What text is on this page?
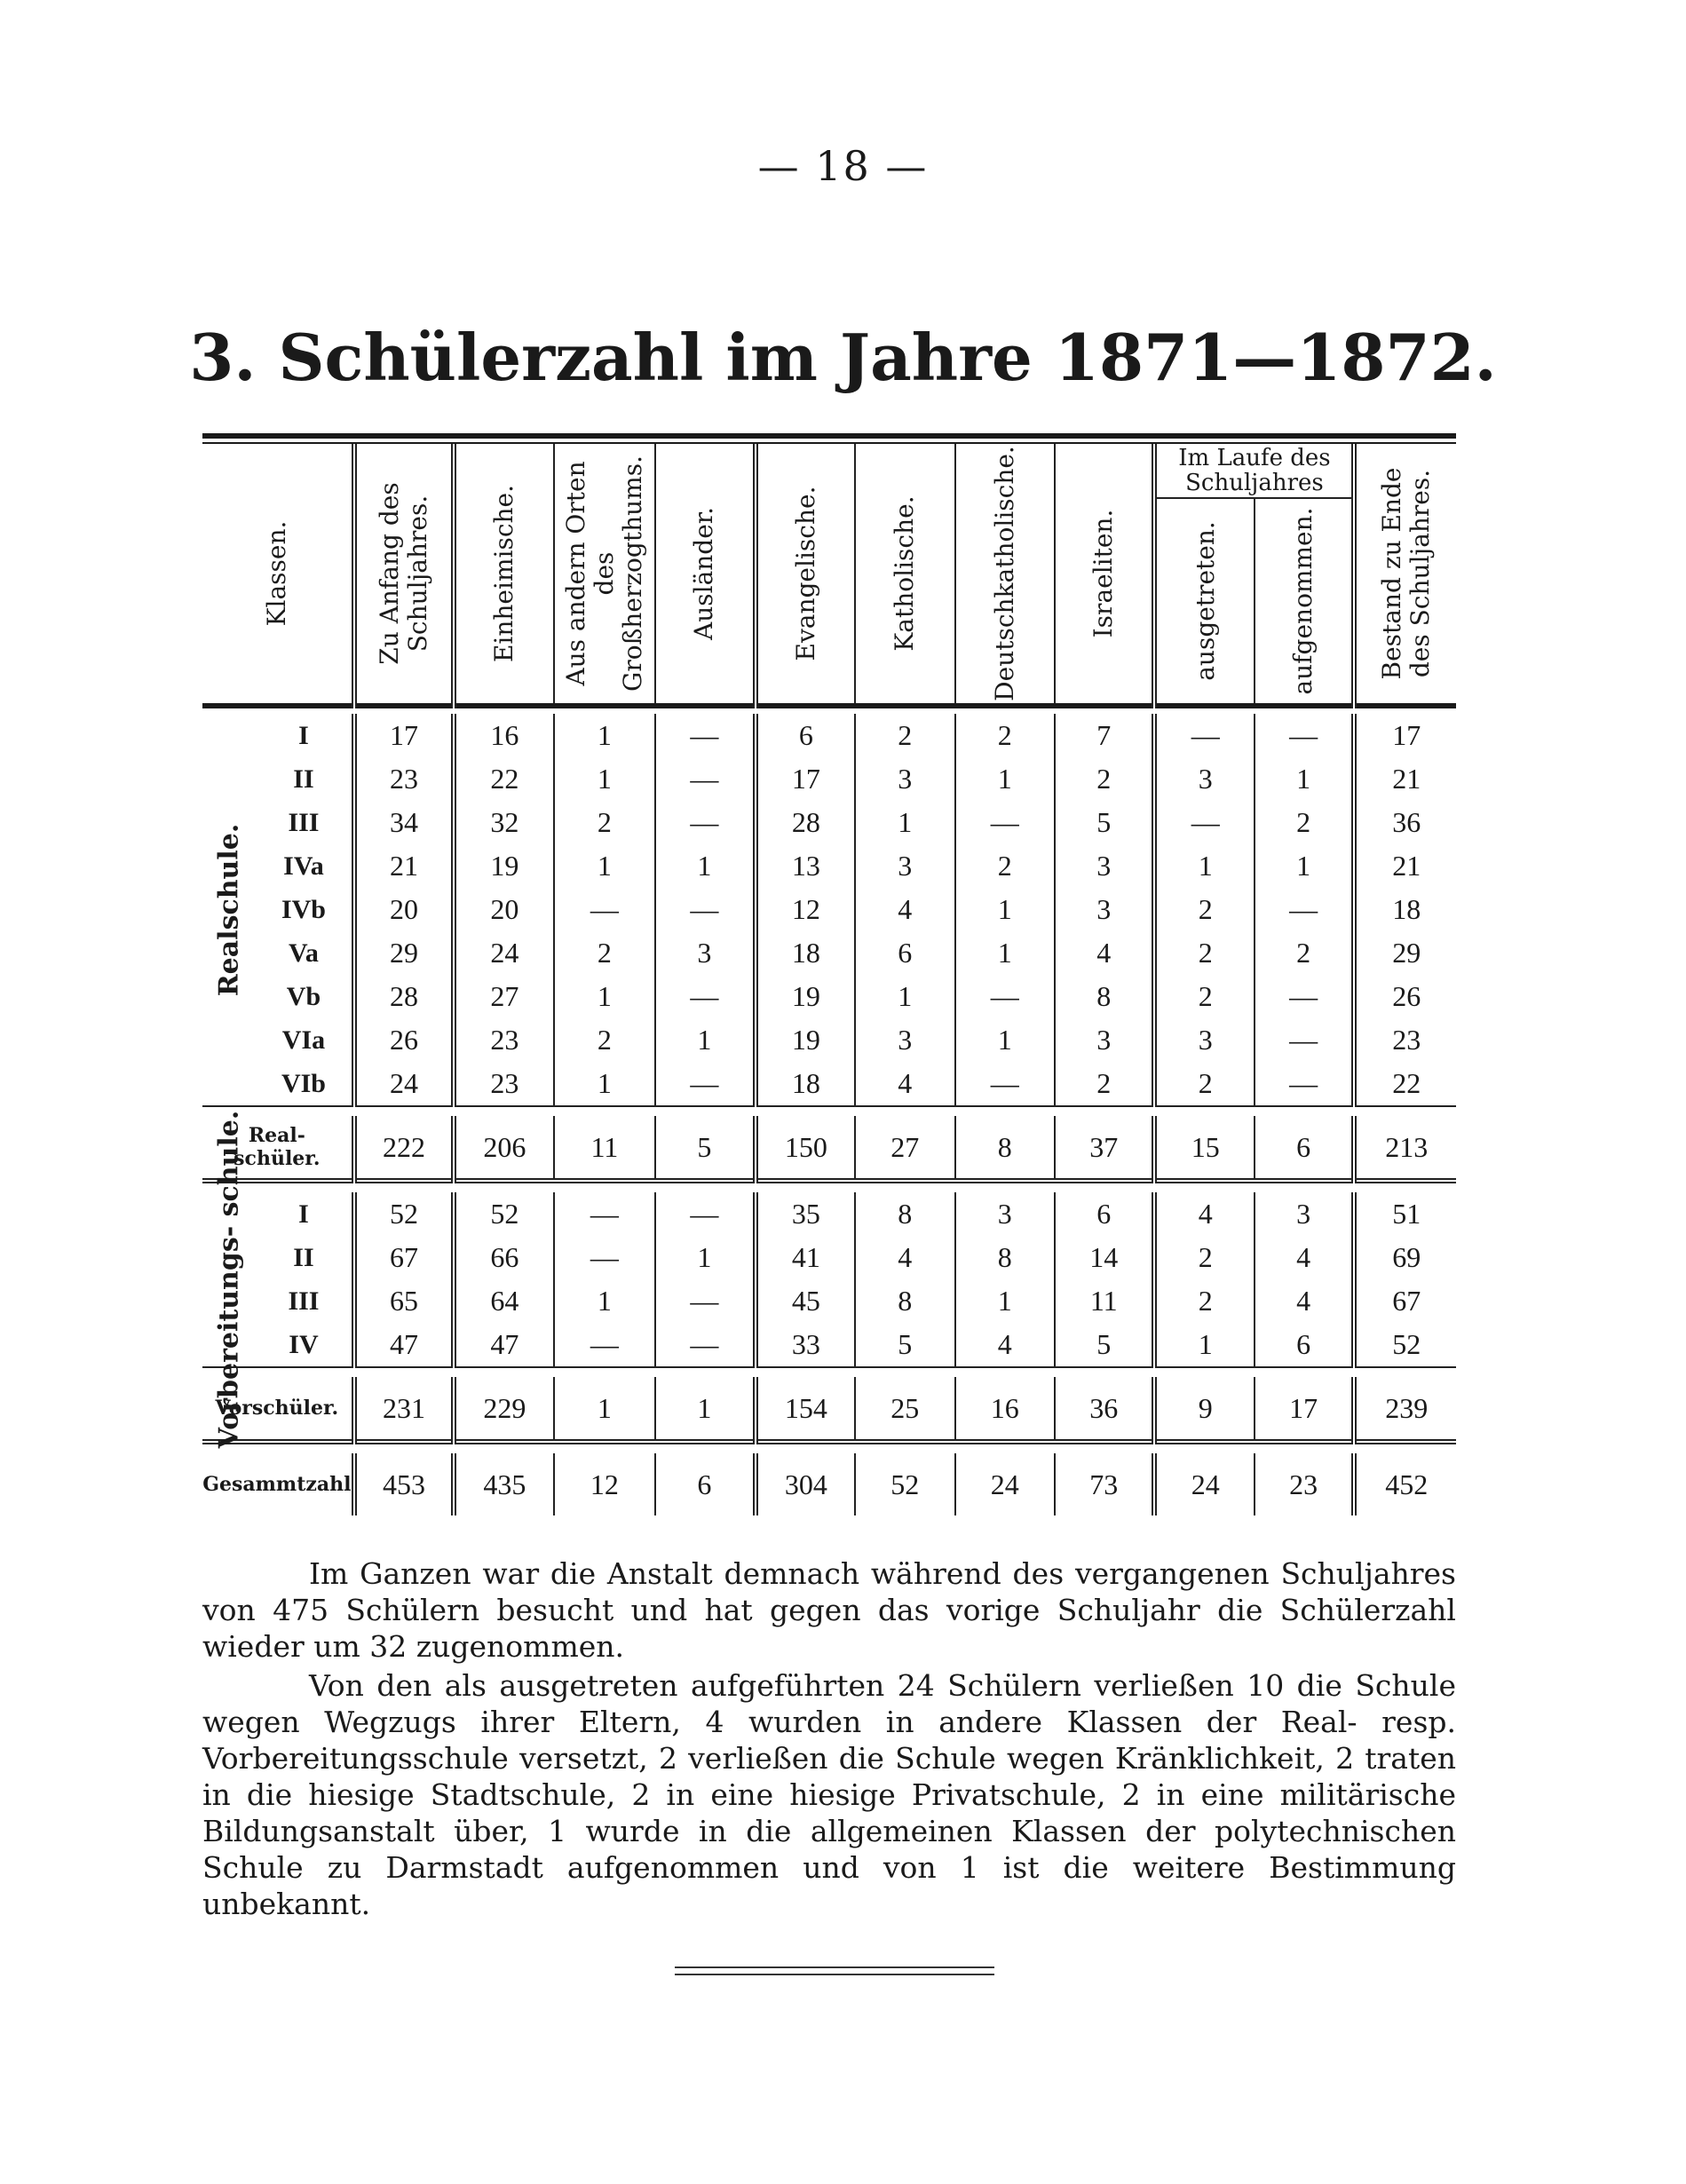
— 18 —
3. Schülerzahl im Jahre 1871—1872.
Klassen.		Zu Anfang des Schuljahres.	Einheimische.	Aus andern Orten des Großherzogthums.	Ausländer.	Evangelische.	Katholische.	Deutschkatholische.	Israeliten.	Im Laufe des Schuljahres		Bestand zu Ende des Schuljahres.

										ausgetreten.	aufgenommen.	

Realschule.	I	17	16	1	—	6	2	2	7	—	—	17
	II	23	22	1	—	17	3	1	2	3	1	21
	III	34	32	2	—	28	1	—	5	—	2	36
	IVa	21	19	1	1	13	3	2	3	1	1	21
	IVb	20	20	—	—	12	4	1	3	2	—	18
	Va	29	24	2	3	18	6	1	4	2	2	29
	Vb	28	27	1	—	19	1	—	8	2	—	26
	VIa	26	23	2	1	19	3	1	3	3	—	23
	VIb	24	23	1	—	18	4	—	2	2	—	22

Real- schüler.		222	206	11	5	150	27	8	37	15	6	213

Vorbereitungs- schule.	I	52	52	—	—	35	8	3	6	4	3	51
	II	67	66	—	1	41	4	8	14	2	4	69
	III	65	64	1	—	45	8	1	11	2	4	67
	IV	47	47	—	—	33	5	4	5	1	6	52

Vorschüler.		231	229	1	1	154	25	16	36	9	17	239

Gesammtzahl		453	435	12	6	304	52	24	73	24	23	452
Im Ganzen war die Anstalt demnach während des vergangenen Schuljahres von 475 Schülern besucht und hat gegen das vorige Schuljahr die Schülerzahl wieder um 32 zugenommen.
Von den als ausgetreten aufgeführten 24 Schülern verließen 10 die Schule wegen Wegzugs ihrer Eltern, 4 wurden in andere Klassen der Real- resp. Vorbereitungsschule versetzt, 2 verließen die Schule wegen Kränklichkeit, 2 traten in die hiesige Stadtschule, 2 in eine hiesige Privatschule, 2 in eine militärische Bildungsanstalt über, 1 wurde in die allgemeinen Klassen der polytechnischen Schule zu Darmstadt aufgenommen und von 1 ist die weitere Bestimmung unbekannt.
